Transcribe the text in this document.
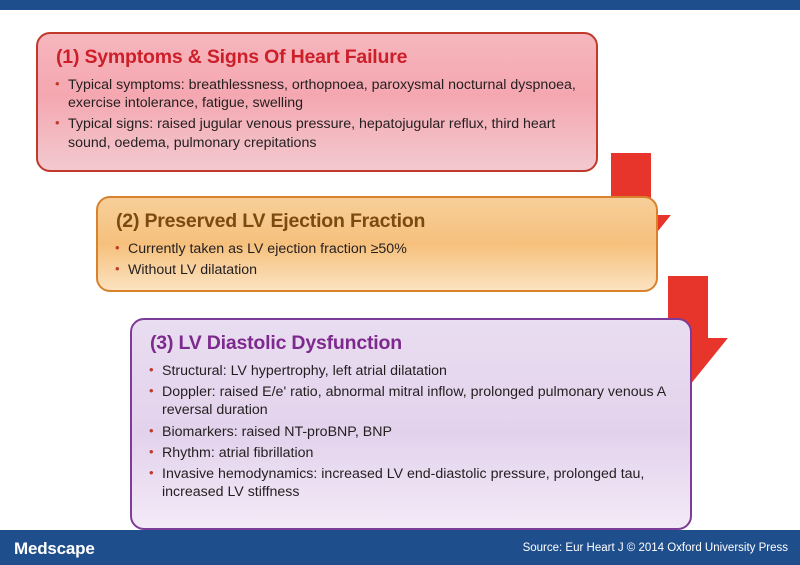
(1) Symptoms & Signs Of Heart Failure
• Typical symptoms: breathlessness, orthopnoea, paroxysmal nocturnal dyspnoea, exercise intolerance, fatigue, swelling
• Typical signs: raised jugular venous pressure, hepatojugular reflux, third heart sound, oedema, pulmonary crepitations
(2) Preserved LV Ejection Fraction
• Currently taken as LV ejection fraction ≥50%
• Without LV dilatation
(3) LV Diastolic Dysfunction
• Structural: LV hypertrophy, left atrial dilatation
• Doppler: raised E/e' ratio, abnormal mitral inflow, prolonged pulmonary venous A reversal duration
• Biomarkers: raised NT-proBNP, BNP
• Rhythm: atrial fibrillation
• Invasive hemodynamics: increased LV end-diastolic pressure, prolonged tau, increased LV stiffness
Medscape	Source: Eur Heart J © 2014 Oxford University Press
